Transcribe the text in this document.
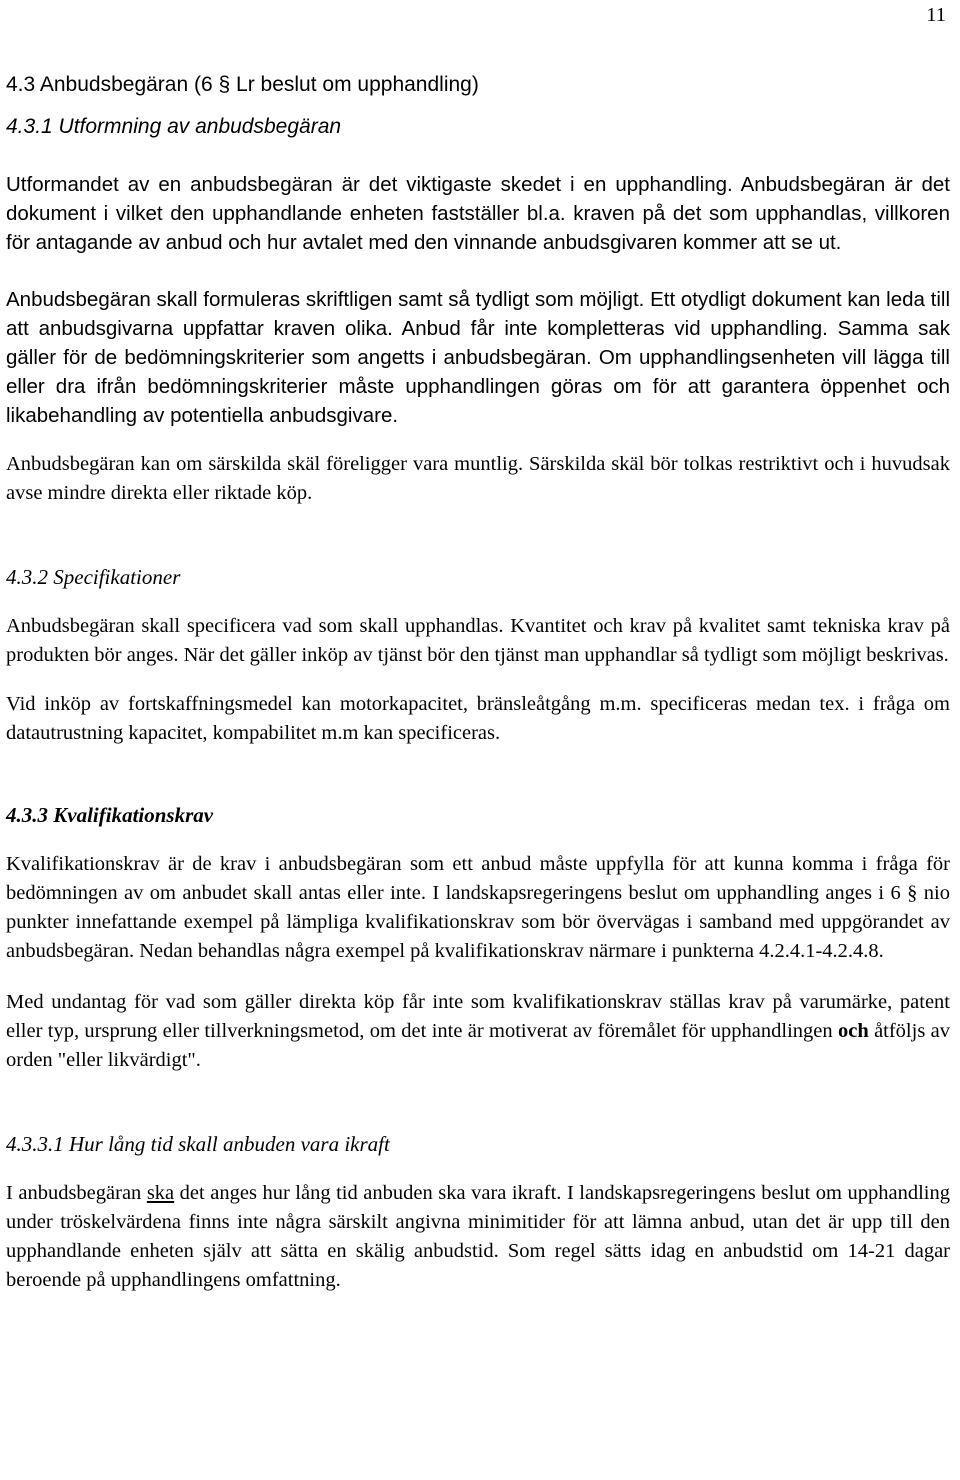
11
4.3 Anbudsbegäran (6 § Lr beslut om upphandling)
4.3.1 Utformning av anbudsbegäran

Utformandet av en anbudsbegäran är det viktigaste skedet i en upphandling. Anbudsbegäran är det dokument i vilket den upphandlande enheten fastställer bl.a. kraven på det som upphandlas, villkoren för antagande av anbud och hur avtalet med den vinnande anbudsgivaren kommer att se ut.

Anbudsbegäran skall formuleras skriftligen samt så tydligt som möjligt. Ett otydligt dokument kan leda till att anbudsgivarna uppfattar kraven olika. Anbud får inte kompletteras vid upphandling. Samma sak gäller för de bedömningskriterier som angetts i anbudsbegäran. Om upphandlingsenheten vill lägga till eller dra ifrån bedömningskriterier måste upphandlingen göras om för att garantera öppenhet och likabehandling av potentiella anbudsgivare.

Anbudsbegäran kan om särskilda skäl föreligger vara muntlig. Särskilda skäl bör tolkas restriktivt och i huvudsak avse mindre direkta eller riktade köp.

4.3.2 Specifikationer

Anbudsbegäran skall specificera vad som skall upphandlas. Kvantitet och krav på kvalitet samt tekniska krav på produkten bör anges. När det gäller inköp av tjänst bör den tjänst man upphandlar så tydligt som möjligt beskrivas.

Vid inköp av fortskaffningsmedel kan motorkapacitet, bränsleåtgång m.m. specificeras medan tex. i fråga om datautrustning kapacitet, kompabilitet m.m kan specificeras.

4.3.3 Kvalifikationskrav

Kvalifikationskrav är de krav i anbudsbegäran som ett anbud måste uppfylla för att kunna komma i fråga för bedömningen av om anbudet skall antas eller inte. I landskapsregeringens beslut om upphandling anges i 6 § nio punkter innefattande exempel på lämpliga kvalifikationskrav som bör övervägas i samband med uppgörandet av anbudsbegäran. Nedan behandlas några exempel på kvalifikationskrav närmare i punkterna 4.2.4.1-4.2.4.8.

Med undantag för vad som gäller direkta köp får inte som kvalifikationskrav ställas krav på varumärke, patent eller typ, ursprung eller tillverkningsmetod, om det inte är motiverat av föremålet för upphandlingen och åtföljs av orden "eller likvärdigt".

4.3.3.1 Hur lång tid skall anbuden vara ikraft

I anbudsbegäran ska det anges hur lång tid anbuden ska vara ikraft. I landskapsregeringens beslut om upphandling under tröskelvärdena finns inte några särskilt angivna minimitider för att lämna anbud, utan det är upp till den upphandlande enheten själv att sätta en skälig anbudstid. Som regel sätts idag en anbudstid om 14-21 dagar beroende på upphandlingens omfattning.
